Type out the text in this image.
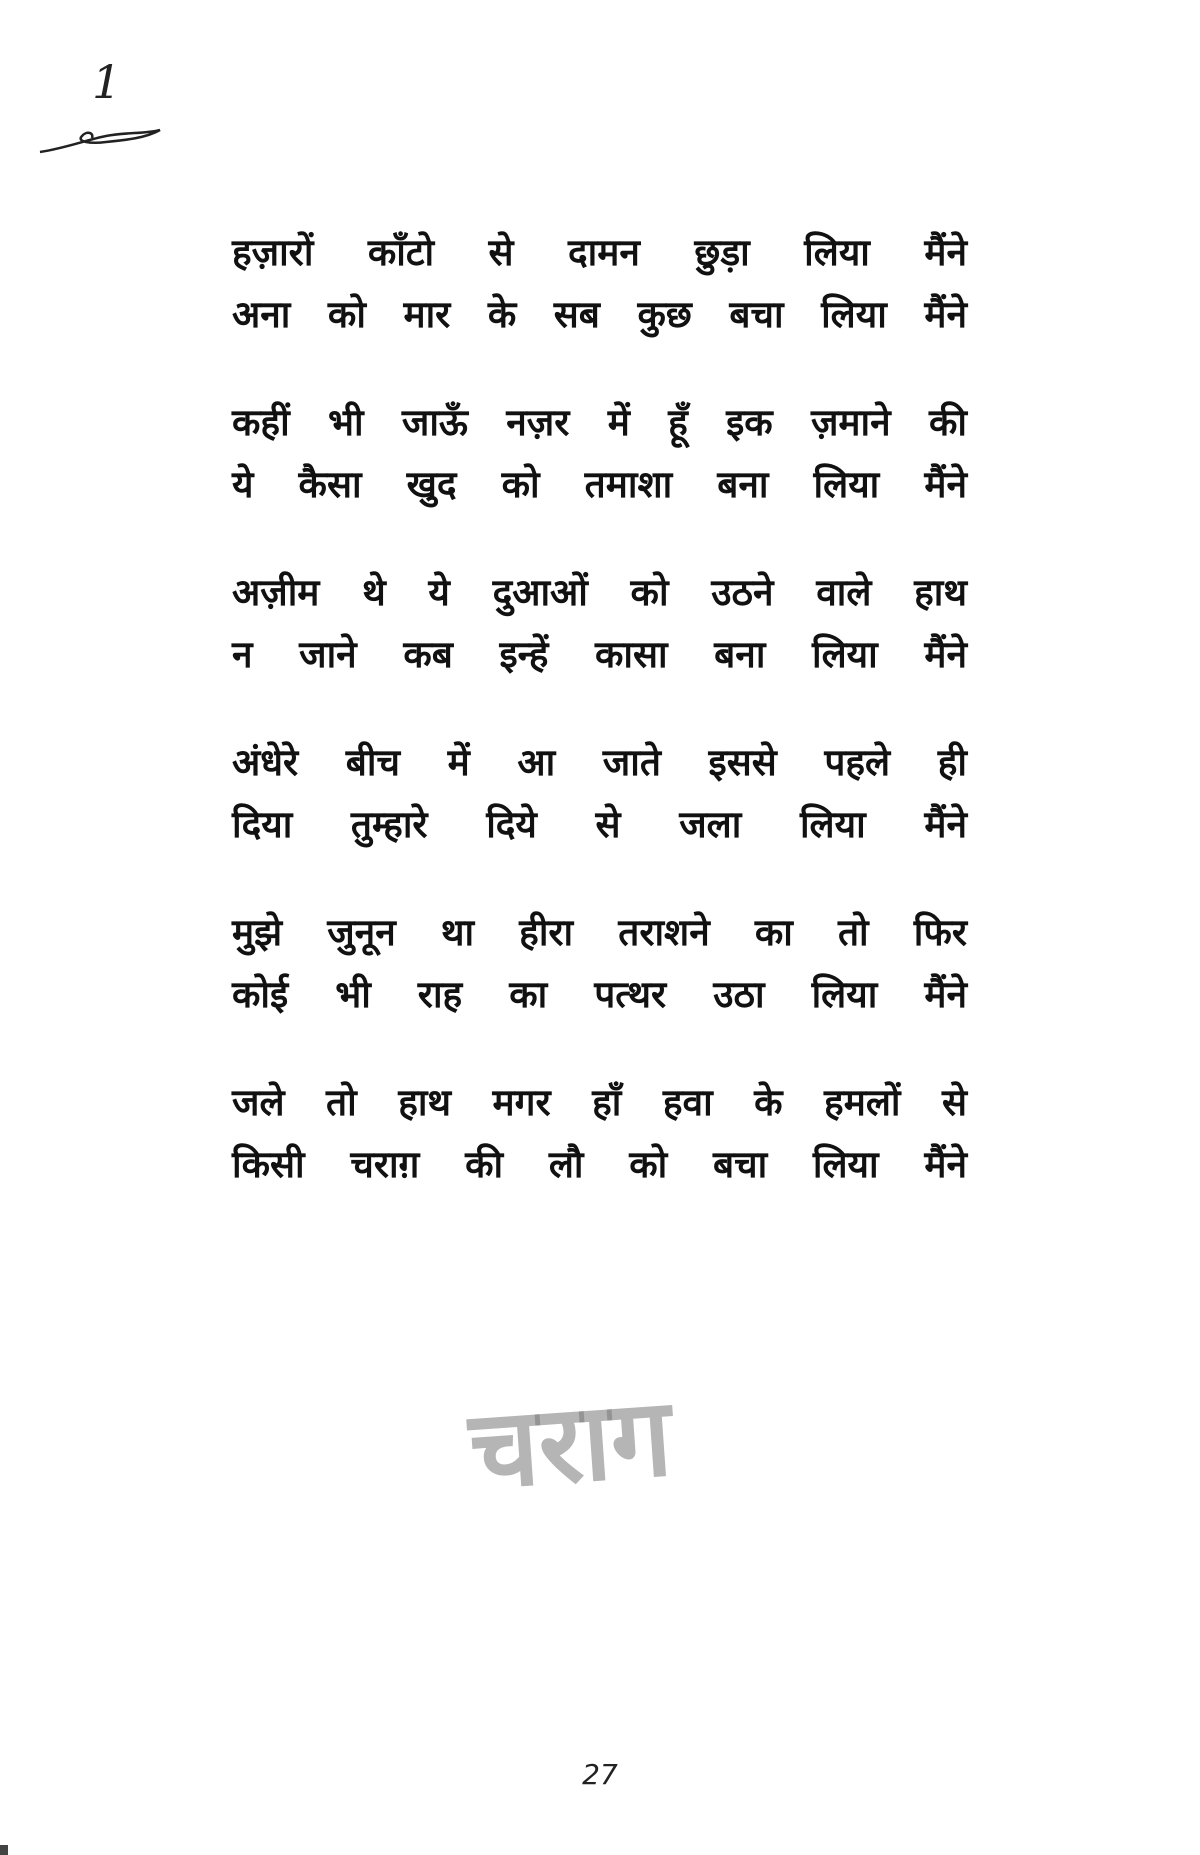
1
हज़ारों काँटो से दामन छुड़ा लिया मैंने
अना को मार के सब कुछ बचा लिया मैंने
कहीं भी जाऊँ नज़र में हूँ इक ज़माने की
ये कैसा खुद को तमाशा बना लिया मैंने
अज़ीम थे ये दुआओं को उठने वाले हाथ
न जाने कब इन्हें कासा बना लिया मैंने
अंधेरे बीच में आ जाते इससे पहले ही
दिया तुम्हारे दिये से जला लिया मैंने
मुझे जुनून था हीरा तराशने का तो फिर
कोई भी राह का पत्थर उठा लिया मैंने
जले तो हाथ मगर हाँ हवा के हमलों से
किसी चराग़ की लौ को बचा लिया मैंने
चराग
27
